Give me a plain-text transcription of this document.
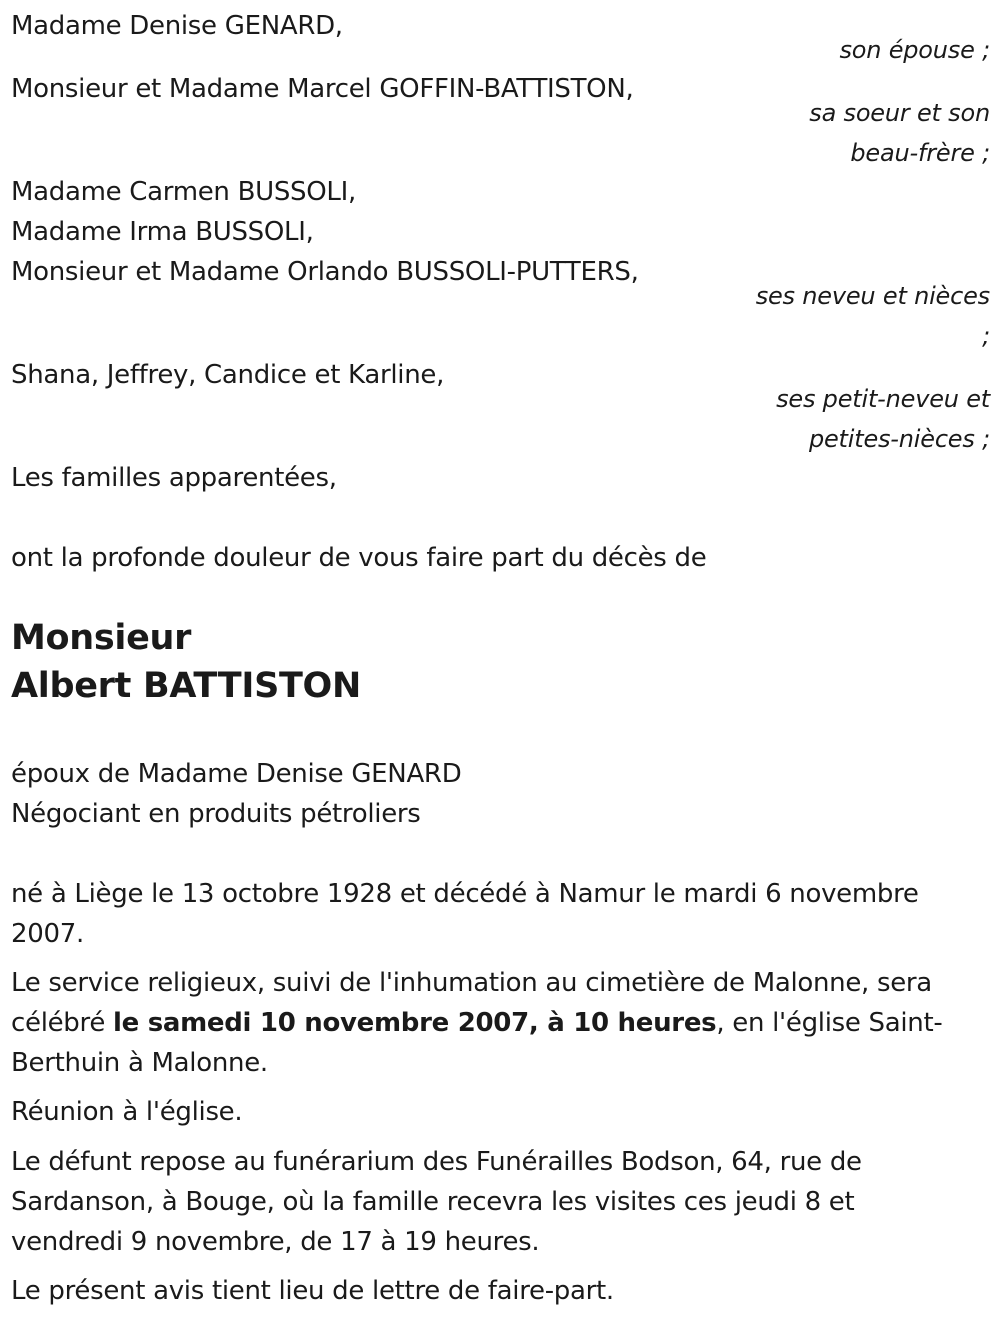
Madame Denise GENARD,
son épouse ;
Monsieur et Madame Marcel GOFFIN-BATTISTON,
sa soeur et son
beau-frère ;
Madame Carmen BUSSOLI,
Madame Irma BUSSOLI,
Monsieur et Madame Orlando BUSSOLI-PUTTERS,
ses neveu et nièces
;
Shana, Jeffrey, Candice et Karline,
ses petit-neveu et
petites-nièces ;
Les familles apparentées,
ont la profonde douleur de vous faire part du décès de
Monsieur
Albert BATTISTON
époux de Madame Denise GENARD
Négociant en produits pétroliers
né à Liège le 13 octobre 1928 et décédé à Namur le mardi 6 novembre
2007.
Le service religieux, suivi de l'inhumation au cimetière de Malonne, sera
célébré le samedi 10 novembre 2007, à 10 heures, en l'église Saint-
Berthuin à Malonne.
Réunion à l'église.
Le défunt repose au funérarium des Funérailles Bodson, 64, rue de
Sardanson, à Bouge, où la famille recevra les visites ces jeudi 8 et
vendredi 9 novembre, de 17 à 19 heures.
Le présent avis tient lieu de lettre de faire-part.
